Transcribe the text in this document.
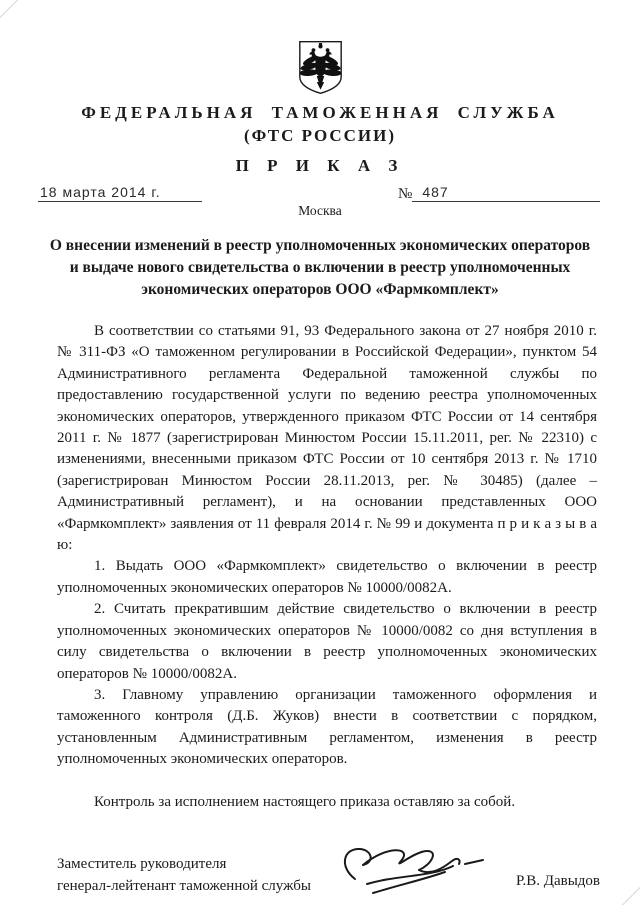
ФЕДЕРАЛЬНАЯ ТАМОЖЕННАЯ СЛУЖБА
(ФТС РОССИИ)
П Р И К А З
18 марта 2014 г.	№ 487
Москва
О внесении изменений в реестр уполномоченных экономических операторов
и выдаче нового свидетельства о включении в реестр уполномоченных
экономических операторов ООО «Фармкомплект»

В соответствии со статьями 91, 93 Федерального закона от 27 ноября 2010 г. № 311-ФЗ «О таможенном регулировании в Российской Федерации», пунктом 54 Административного регламента Федеральной таможенной службы по предоставлению государственной услуги по ведению реестра уполномоченных экономических операторов, утвержденного приказом ФТС России от 14 сентября 2011 г. № 1877 (зарегистрирован Минюстом России 15.11.2011, рег. № 22310) с изменениями, внесенными приказом ФТС России от 10 сентября 2013 г. № 1710 (зарегистрирован Минюстом России 28.11.2013, рег. № 30485) (далее – Административный регламент), и на основании представленных ООО «Фармкомплект» заявления от 11 февраля 2014 г. № 99 и документа п р и к а з ы в а ю:

1. Выдать ООО «Фармкомплект» свидетельство о включении в реестр уполномоченных экономических операторов № 10000/0082А.

2. Считать прекратившим действие свидетельство о включении в реестр уполномоченных экономических операторов № 10000/0082 со дня вступления в силу свидетельства о включении в реестр уполномоченных экономических операторов № 10000/0082А.

3. Главному управлению организации таможенного оформления и таможенного контроля (Д.Б. Жуков) внести в соответствии с порядком, установленным Административным регламентом, изменения в реестр уполномоченных экономических операторов.

Контроль за исполнением настоящего приказа оставляю за собой.

Заместитель руководителя
генерал-лейтенант таможенной службы	Р.В. Давыдов
